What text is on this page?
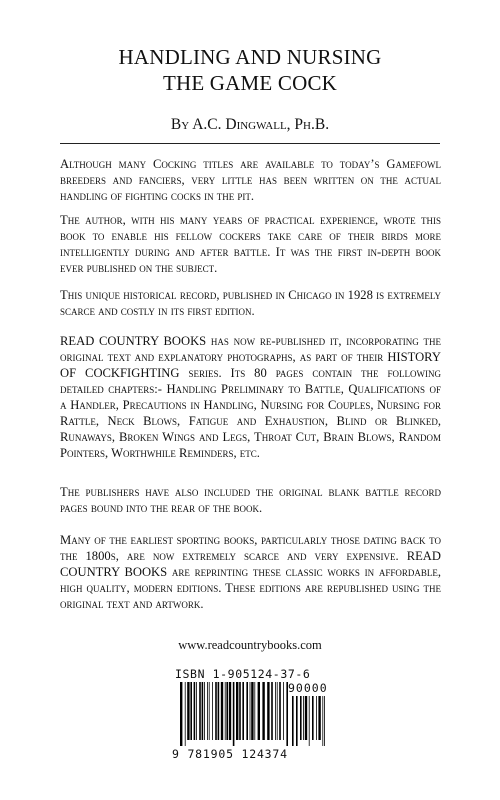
HANDLING AND NURSING
THE GAME COCK
By A.C. Dingwall, Ph.B.
Although many Cocking titles are available to today’s Gamefowl breeders and fanciers, very little has been written on the actual handling of fighting cocks in the pit.
The author, with his many years of practical experience, wrote this book to enable his fellow cockers take care of their birds more intelligently during and after battle. It was the first in-depth book ever published on the subject.
This unique historical record, published in Chicago in 1928 is extremely scarce and costly in its first edition.
READ COUNTRY BOOKS has now re-published it, incorporating the original text and explanatory photographs, as part of their HISTORY OF COCKFIGHTING series. Its 80 pages contain the following detailed chapters:- Handling Preliminary to Battle, Qualifications of a Handler, Precautions in Handling, Nursing for Couples, Nursing for Rattle, Neck Blows, Fatigue and Exhaustion, Blind or Blinked, Runaways, Broken Wings and Legs, Throat Cut, Brain Blows, Random Pointers, Worthwhile Reminders, etc.
The publishers have also included the original blank battle record pages bound into the rear of the book.
Many of the earliest sporting books, particularly those dating back to the 1800s, are now extremely scarce and very expensive. READ COUNTRY BOOKS are reprinting these classic works in affordable, high quality, modern editions. These editions are republished using the original text and artwork.
www.readcountrybooks.com
ISBN 1-905124-37-6
90000
9 781905 124374
